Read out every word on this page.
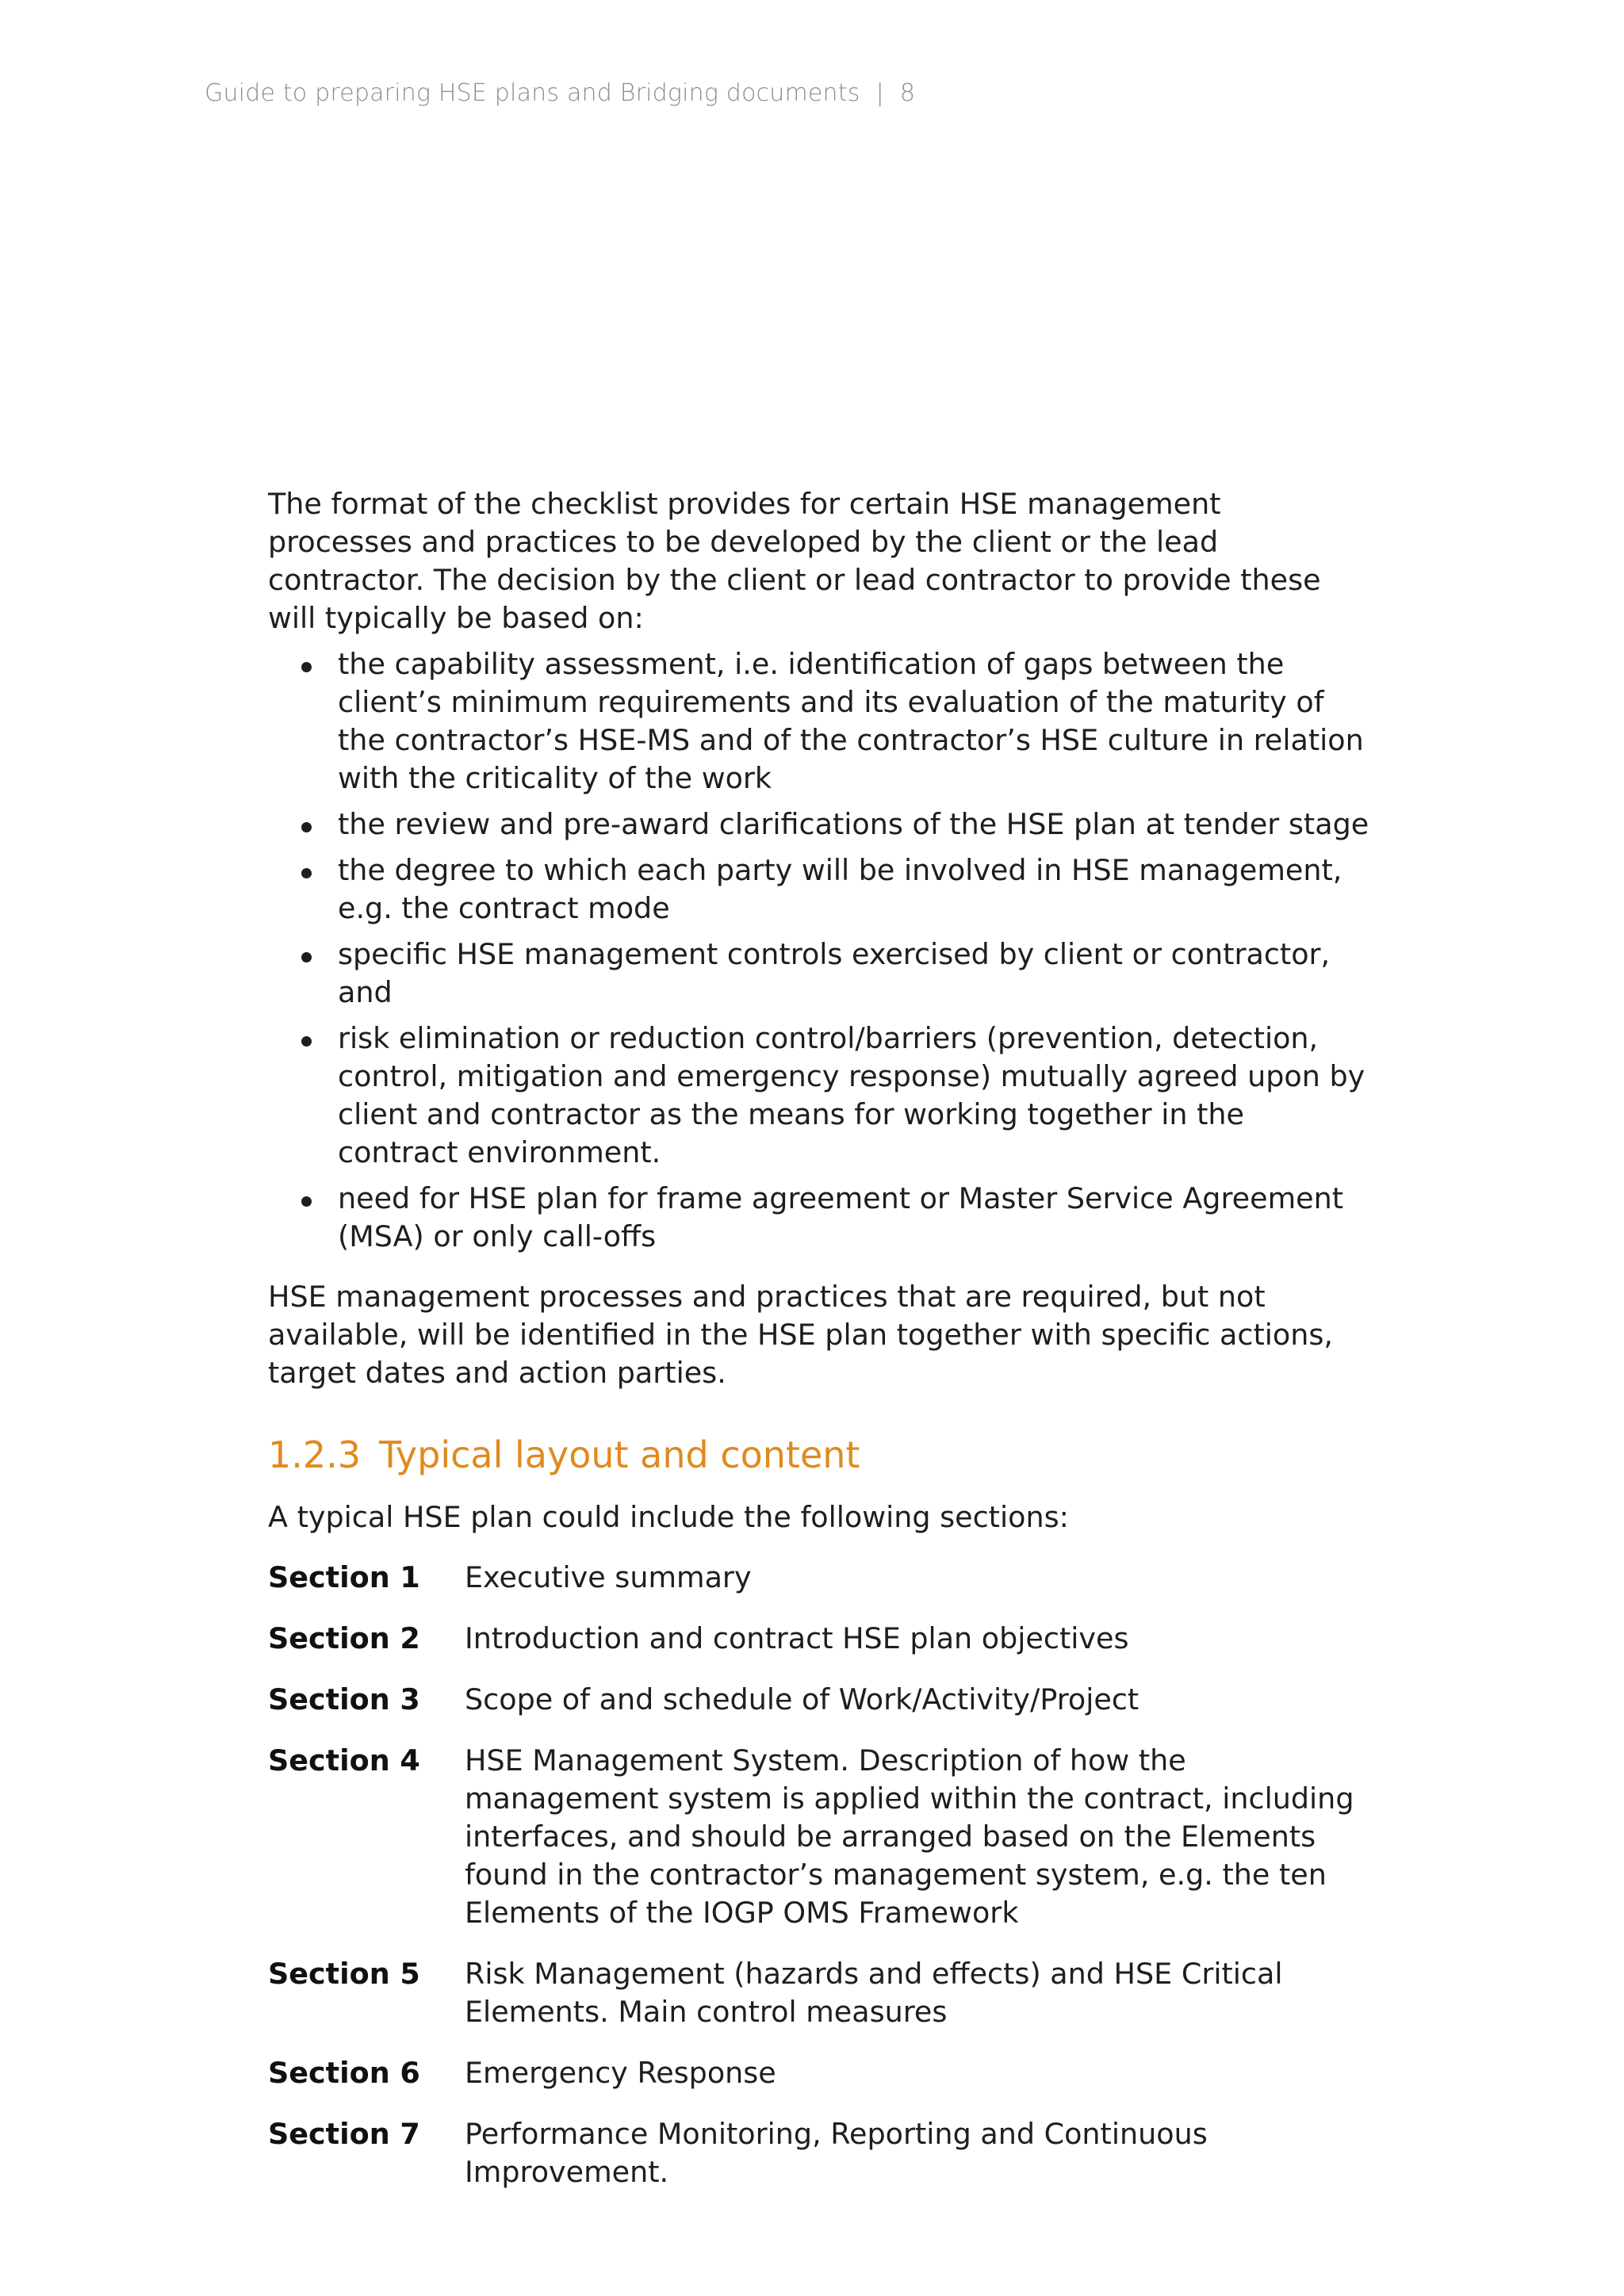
Guide to preparing HSE plans and Bridging documents | 8

The format of the checklist provides for certain HSE management processes and practices to be developed by the client or the lead contractor. The decision by the client or lead contractor to provide these will typically be based on:

the capability assessment, i.e. identification of gaps between the client’s minimum requirements and its evaluation of the maturity of the contractor’s HSE-MS and of the contractor’s HSE culture in relation with the criticality of the work
the review and pre-award clarifications of the HSE plan at tender stage
the degree to which each party will be involved in HSE management, e.g. the contract mode
specific HSE management controls exercised by client or contractor, and
risk elimination or reduction control/barriers (prevention, detection, control, mitigation and emergency response) mutually agreed upon by client and contractor as the means for working together in the contract environment.
need for HSE plan for frame agreement or Master Service Agreement (MSA) or only call-offs

HSE management processes and practices that are required, but not available, will be identified in the HSE plan together with specific actions, target dates and action parties.

1.2.3 Typical layout and content

A typical HSE plan could include the following sections:

Section 1	Executive summary
Section 2	Introduction and contract HSE plan objectives
Section 3	Scope of and schedule of Work/Activity/Project
Section 4	HSE Management System. Description of how the management system is applied within the contract, including interfaces, and should be arranged based on the Elements found in the contractor’s management system, e.g. the ten Elements of the IOGP OMS Framework
Section 5	Risk Management (hazards and effects) and HSE Critical Elements. Main control measures
Section 6	Emergency Response
Section 7	Performance Monitoring, Reporting and Continuous Improvement.
